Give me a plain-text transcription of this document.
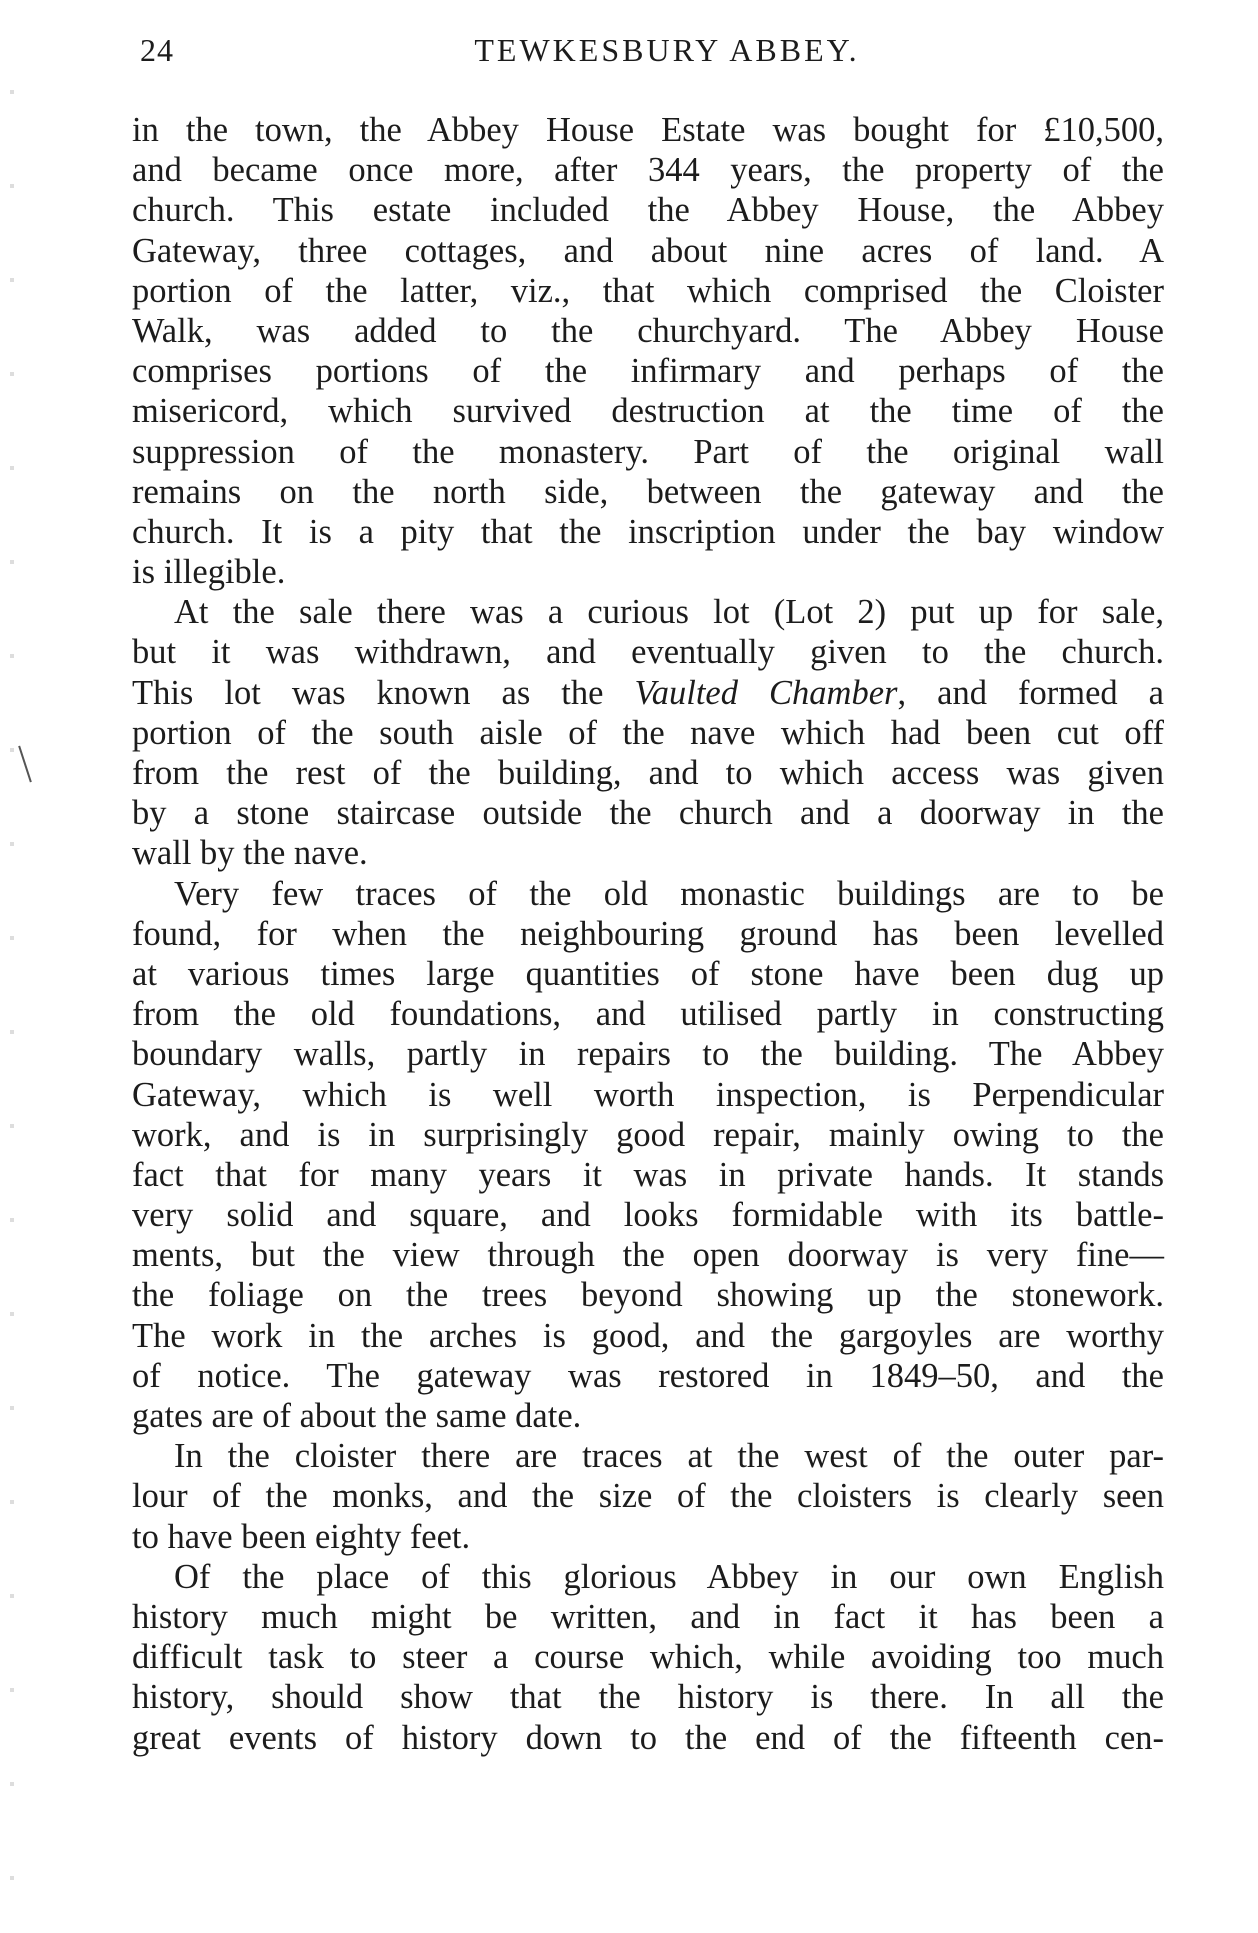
24	TEWKESBURY ABBEY.
in the town, the Abbey House Estate was bought for £10,500,
and became once more, after 344 years, the property of the
church. This estate included the Abbey House, the Abbey
Gateway, three cottages, and about nine acres of land. A
portion of the latter, viz., that which comprised the Cloister
Walk, was added to the churchyard. The Abbey House
comprises portions of the infirmary and perhaps of the
misericord, which survived destruction at the time of the
suppression of the monastery. Part of the original wall
remains on the north side, between the gateway and the
church. It is a pity that the inscription under the bay window
is illegible.
At the sale there was a curious lot (Lot 2) put up for sale,
but it was withdrawn, and eventually given to the church.
This lot was known as the Vaulted Chamber, and formed a
portion of the south aisle of the nave which had been cut off
from the rest of the building, and to which access was given
by a stone staircase outside the church and a doorway in the
wall by the nave.
Very few traces of the old monastic buildings are to be
found, for when the neighbouring ground has been levelled
at various times large quantities of stone have been dug up
from the old foundations, and utilised partly in constructing
boundary walls, partly in repairs to the building. The Abbey
Gateway, which is well worth inspection, is Perpendicular
work, and is in surprisingly good repair, mainly owing to the
fact that for many years it was in private hands. It stands
very solid and square, and looks formidable with its battle-
ments, but the view through the open doorway is very fine—
the foliage on the trees beyond showing up the stonework.
The work in the arches is good, and the gargoyles are worthy
of notice. The gateway was restored in 1849–50, and the
gates are of about the same date.
In the cloister there are traces at the west of the outer par-
lour of the monks, and the size of the cloisters is clearly seen
to have been eighty feet.
Of the place of this glorious Abbey in our own English
history much might be written, and in fact it has been a
difficult task to steer a course which, while avoiding too much
history, should show that the history is there. In all the
great events of history down to the end of the fifteenth cen-
